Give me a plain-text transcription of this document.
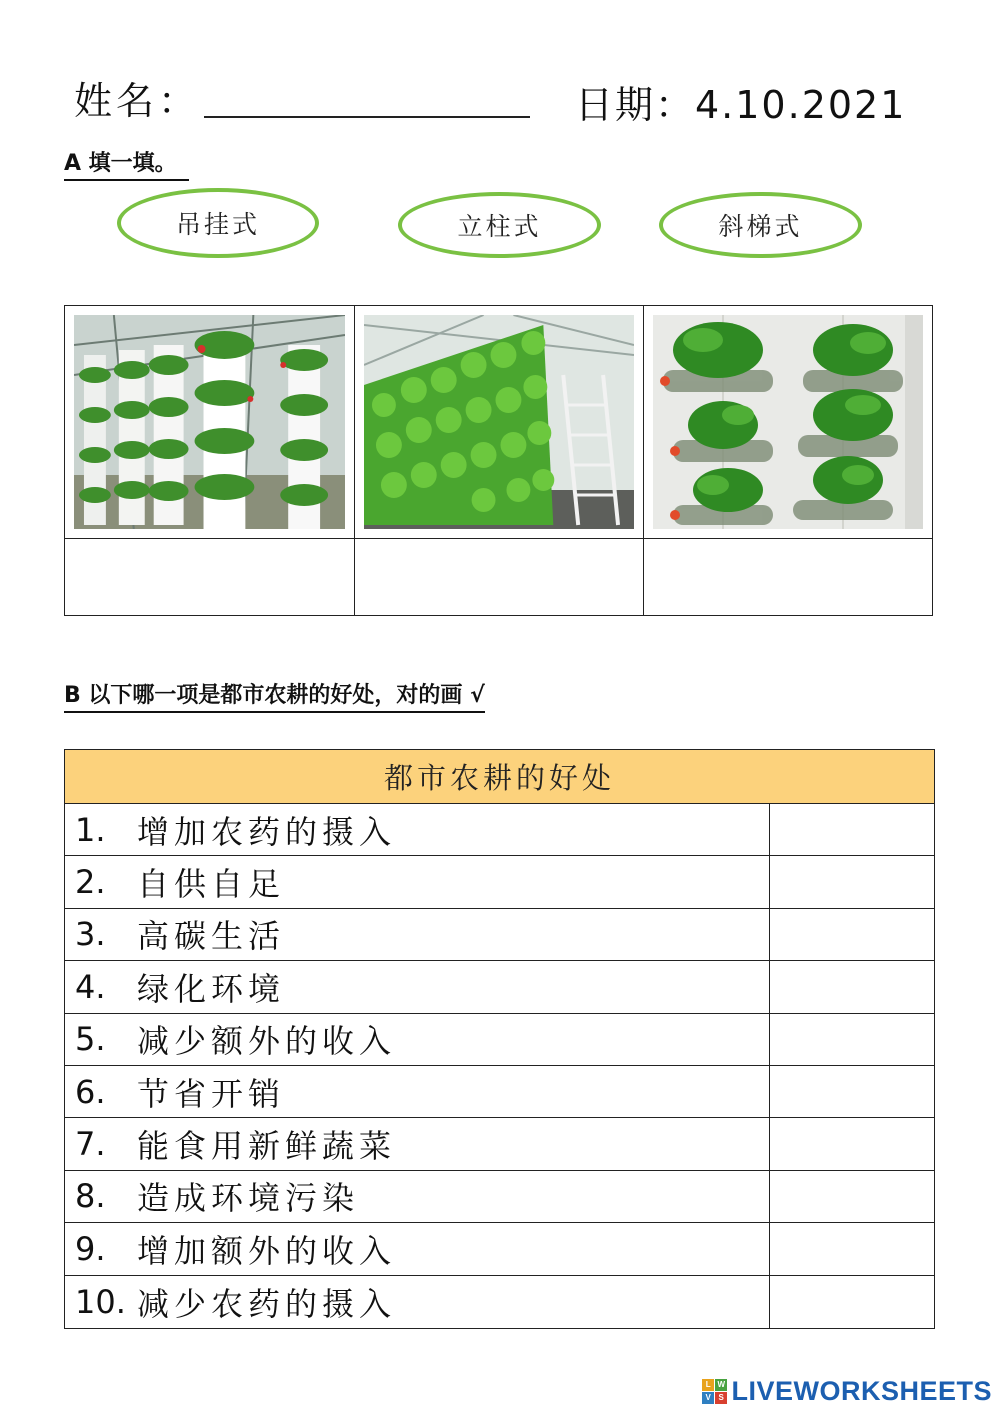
姓名：	日期：4.10.2021
A 填一填。
吊挂式	立柱式	斜梯式
B 以下哪一项是都市农耕的好处，对的画 √
都市农耕的好处
1. 增加农药的摄入
2. 自供自足
3. 高碳生活
4. 绿化环境
5. 减少额外的收入
6. 节省开销
7. 能食用新鲜蔬菜
8. 造成环境污染
9. 增加额外的收入
10. 减少农药的摄入
L W
V S LIVEWORKSHEETS
